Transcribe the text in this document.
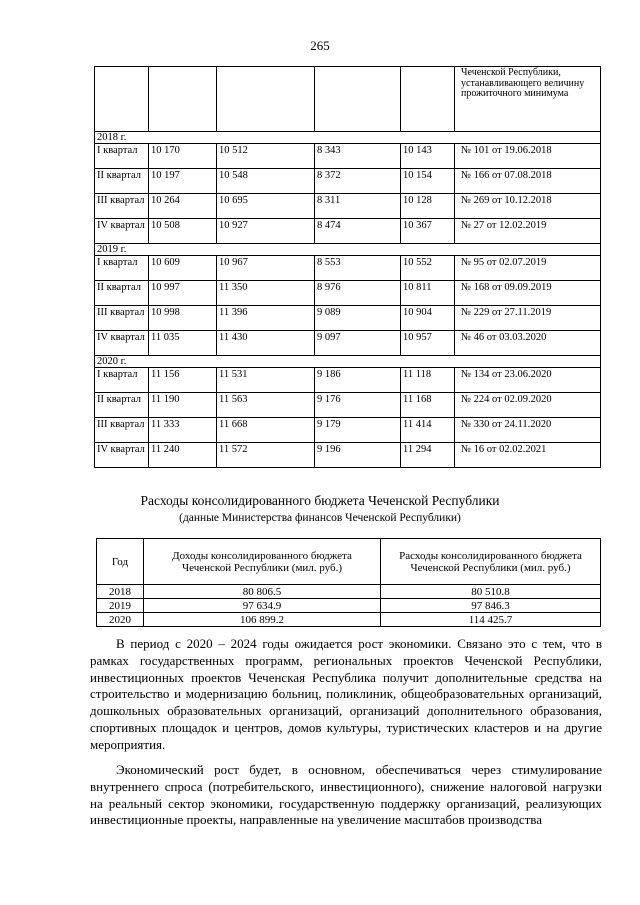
265
					Чеченской Республики, устанавливающего величину прожиточного минимума
2018 г.					
I квартал	10 170	10 512	8 343	10 143	№ 101 от 19.06.2018
II квартал	10 197	10 548	8 372	10 154	№ 166 от 07.08.2018
III квартал	10 264	10 695	8 311	10 128	№ 269 от 10.12.2018
IV квартал	10 508	10 927	8 474	10 367	№ 27 от 12.02.2019
2019 г.					
I квартал	10 609	10 967	8 553	10 552	№ 95 от 02.07.2019
II квартал	10 997	11 350	8 976	10 811	№ 168 от 09.09.2019
III квартал	10 998	11 396	9 089	10 904	№ 229 от 27.11.2019
IV квартал	11 035	11 430	9 097	10 957	№ 46 от 03.03.2020
2020 г.					
I квартал	11 156	11 531	9 186	11 118	№ 134 от 23.06.2020
II квартал	11 190	11 563	9 176	11 168	№ 224 от 02.09.2020
III квартал	11 333	11 668	9 179	11 414	№ 330 от 24.11.2020
IV квартал	11 240	11 572	9 196	11 294	№ 16 от 02.02.2021
Расходы консолидированного бюджета Чеченской Республики
(данные Министерства финансов Чеченской Республики)
Год	Доходы консолидированного бюджета Чеченской Республики (мил. руб.)	Расходы консолидированного бюджета Чеченской Республики (мил. руб.)
2018	80 806.5	80 510.8
2019	97 634.9	97 846.3
2020	106 899.2	114 425.7
В период с 2020 – 2024 годы ожидается рост экономики. Связано это с тем, что в рамках государственных программ, региональных проектов Чеченской Республики, инвестиционных проектов Чеченская Республика получит дополнительные средства на строительство и модернизацию больниц, поликлиник, общеобразовательных организаций, дошкольных образовательных организаций, организаций дополнительного образования, спортивных площадок и центров, домов культуры, туристических кластеров и на другие мероприятия.
Экономический рост будет, в основном, обеспечиваться через стимулирование внутреннего спроса (потребительского, инвестиционного), снижение налоговой нагрузки на реальный сектор экономики, государственную поддержку организаций, реализующих инвестиционные проекты, направленные на увеличение масштабов производства
